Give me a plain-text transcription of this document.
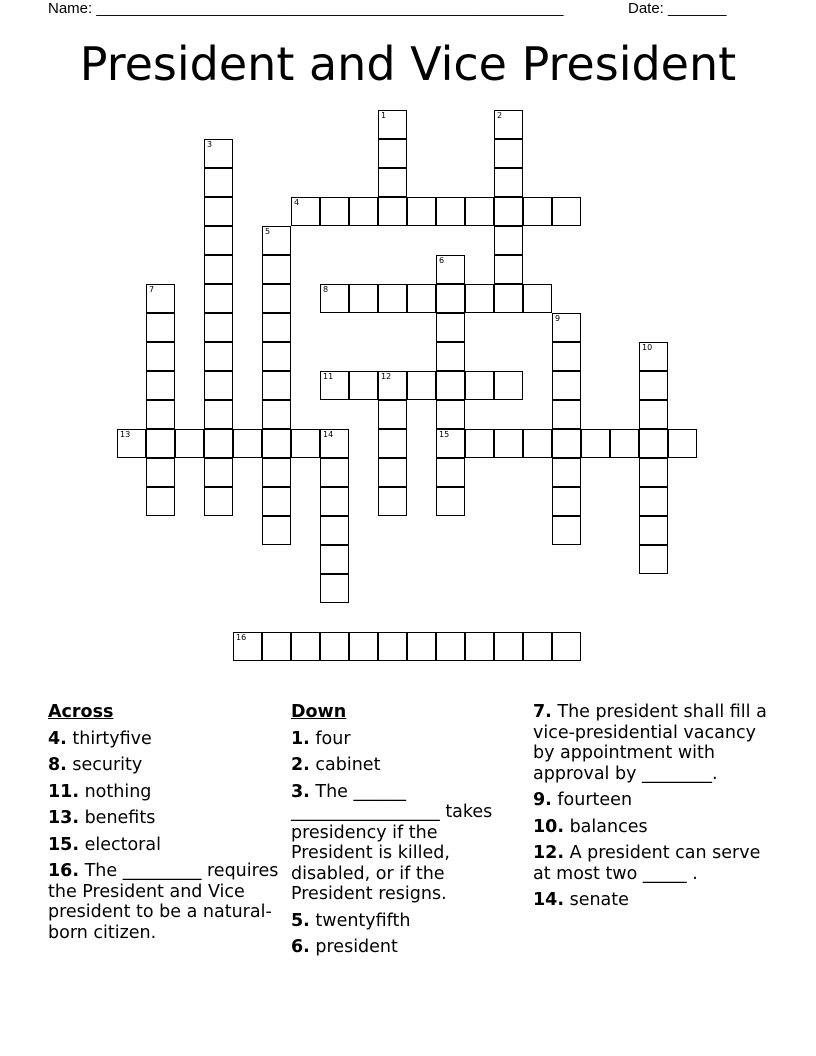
Name: ________________________________________________________	Date: _______
President and Vice President
1	2
3
4
5
6
15
7	8
9
10
11	12
13	14
16
Across
4. thirtyfive
8. security
11. nothing
13. benefits
15. electoral
16. The _________ requires the President and Vice president to be a natural-born citizen.
Down
1. four
2. cabinet
3. The ______ _________________ takes presidency if the President is killed, disabled, or if the President resigns.
5. twentyfifth
6. president
7. The president shall fill a vice-presidential vacancy by appointment with approval by ________.
9. fourteen
10. balances
12. A president can serve at most two _____ .
14. senate
